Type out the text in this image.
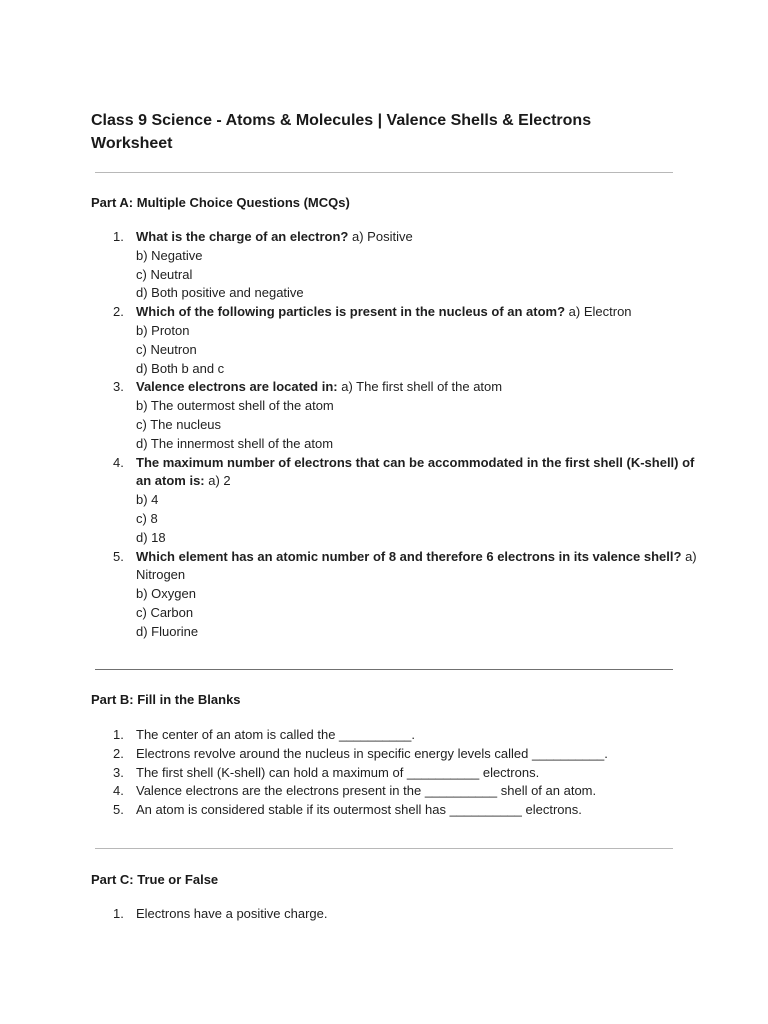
Class 9 Science - Atoms & Molecules | Valence Shells & Electrons Worksheet
Part A: Multiple Choice Questions (MCQs)
1. What is the charge of an electron? a) Positive
b) Negative
c) Neutral
d) Both positive and negative
2. Which of the following particles is present in the nucleus of an atom? a) Electron
b) Proton
c) Neutron
d) Both b and c
3. Valence electrons are located in: a) The first shell of the atom
b) The outermost shell of the atom
c) The nucleus
d) The innermost shell of the atom
4. The maximum number of electrons that can be accommodated in the first shell (K-shell) of an atom is: a) 2
b) 4
c) 8
d) 18
5. Which element has an atomic number of 8 and therefore 6 electrons in its valence shell? a) Nitrogen
b) Oxygen
c) Carbon
d) Fluorine
Part B: Fill in the Blanks
1. The center of an atom is called the __________.
2. Electrons revolve around the nucleus in specific energy levels called __________.
3. The first shell (K-shell) can hold a maximum of __________ electrons.
4. Valence electrons are the electrons present in the __________ shell of an atom.
5. An atom is considered stable if its outermost shell has __________ electrons.
Part C: True or False
1. Electrons have a positive charge.
